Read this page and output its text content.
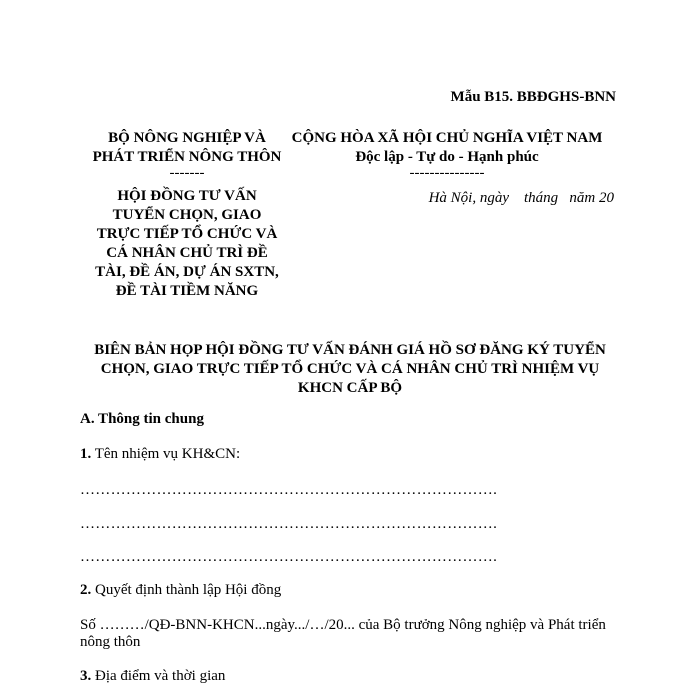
Mẫu B15. BBĐGHS-BNN
BỘ NÔNG NGHIỆP VÀ
PHÁT TRIỂN NÔNG THÔN
-------
HỘI ĐỒNG TƯ VẤN
TUYỂN CHỌN, GIAO
TRỰC TIẾP TỔ CHỨC VÀ
CÁ NHÂN CHỦ TRÌ ĐỀ
TÀI, ĐỀ ÁN, DỰ ÁN SXTN,
ĐỀ TÀI TIỀM NĂNG
CỘNG HÒA XÃ HỘI CHỦ NGHĨA VIỆT NAM
Độc lập - Tự do - Hạnh phúc
---------------
Hà Nội, ngày    tháng   năm 20
BIÊN BẢN HỌP HỘI ĐỒNG TƯ VẤN ĐÁNH GIÁ HỒ SƠ ĐĂNG KÝ TUYỂN
CHỌN, GIAO TRỰC TIẾP TỔ CHỨC VÀ CÁ NHÂN CHỦ TRÌ NHIỆM VỤ
KHCN CẤP BỘ
A. Thông tin chung
1. Tên nhiệm vụ KH&CN:
……………………………………………………………………….
……………………………………………………………………….
……………………………………………………………………….
2. Quyết định thành lập Hội đồng
Số ………/QĐ-BNN-KHCN...ngày.../…/20... của Bộ trưởng Nông nghiệp và Phát triển
nông thôn
3. Địa điểm và thời gian
